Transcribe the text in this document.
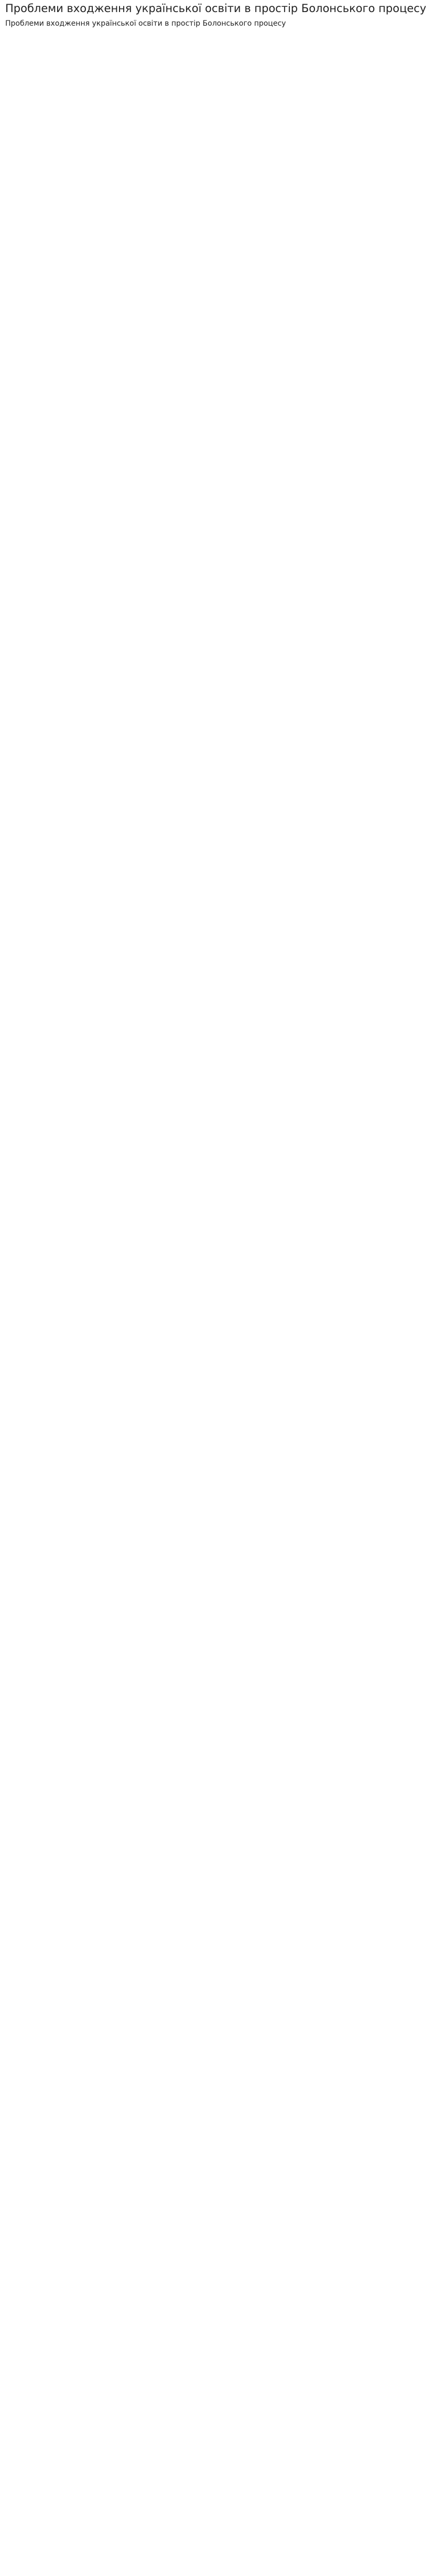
Проблеми входження української освіти в простір Болонського процесу
Проблеми входження української освіти в простір Болонського процесу
